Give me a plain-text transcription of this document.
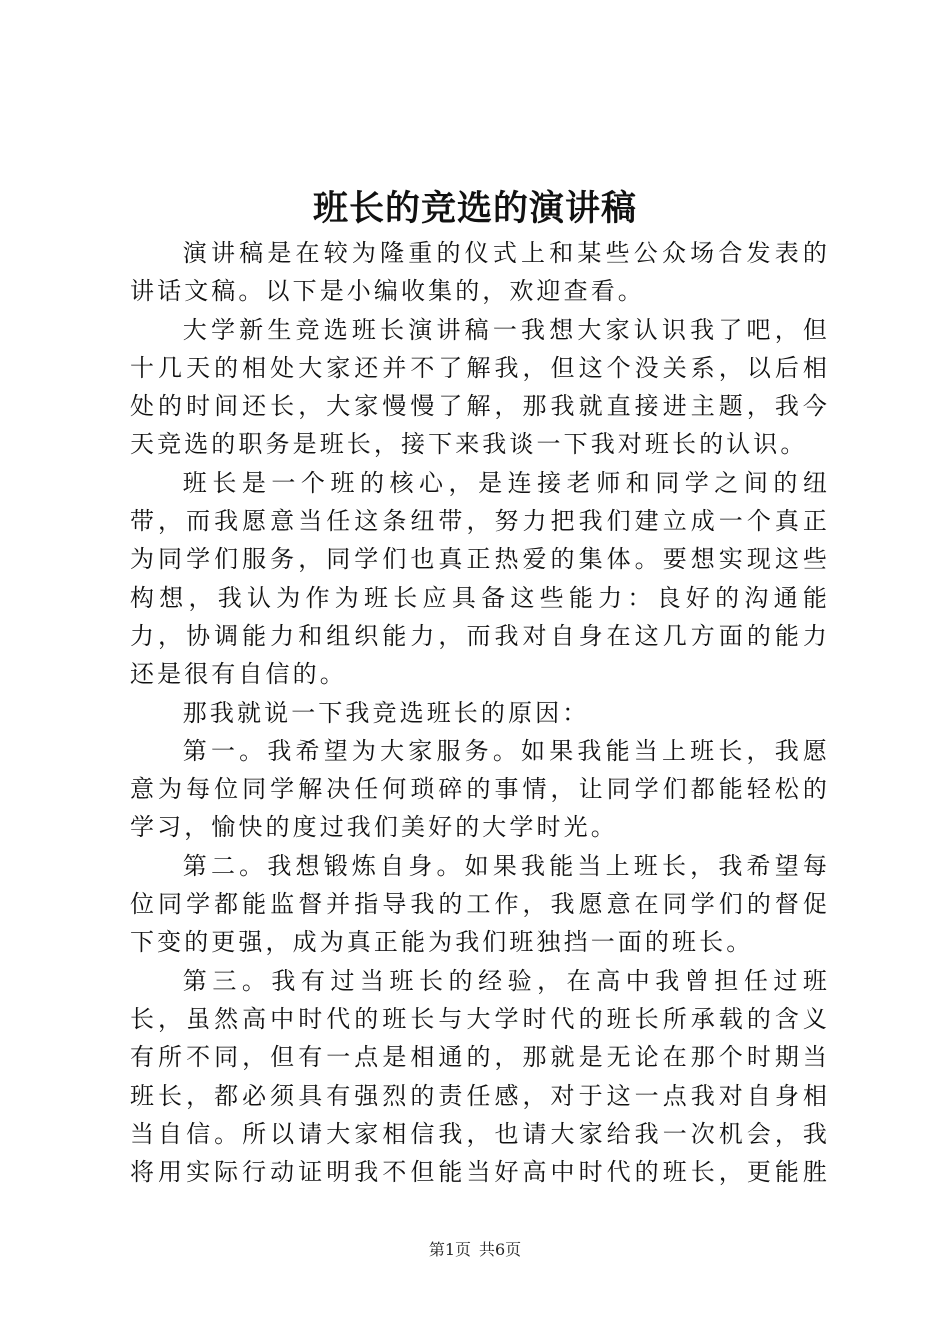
班长的竞选的演讲稿

演讲稿是在较为隆重的仪式上和某些公众场合发表的讲话文稿。以下是小编收集的，欢迎查看。

大学新生竞选班长演讲稿一我想大家认识我了吧，但十几天的相处大家还并不了解我，但这个没关系，以后相处的时间还长，大家慢慢了解，那我就直接进主题，我今天竞选的职务是班长，接下来我谈一下我对班长的认识。

班长是一个班的核心，是连接老师和同学之间的纽带，而我愿意当任这条纽带，努力把我们建立成一个真正为同学们服务，同学们也真正热爱的集体。要想实现这些构想，我认为作为班长应具备这些能力：良好的沟通能力，协调能力和组织能力，而我对自身在这几方面的能力还是很有自信的。

那我就说一下我竞选班长的原因：

第一。我希望为大家服务。如果我能当上班长，我愿意为每位同学解决任何琐碎的事情，让同学们都能轻松的学习，愉快的度过我们美好的大学时光。

第二。我想锻炼自身。如果我能当上班长，我希望每位同学都能监督并指导我的工作，我愿意在同学们的督促下变的更强，成为真正能为我们班独挡一面的班长。

第三。我有过当班长的经验，在高中我曾担任过班长，虽然高中时代的班长与大学时代的班长所承载的含义有所不同，但有一点是相通的，那就是无论在那个时期当班长，都必须具有强烈的责任感，对于这一点我对自身相当自信。所以请大家相信我，也请大家给我一次机会，我将用实际行动证明我不但能当好高中时代的班长，更能胜

第1页 共6页
